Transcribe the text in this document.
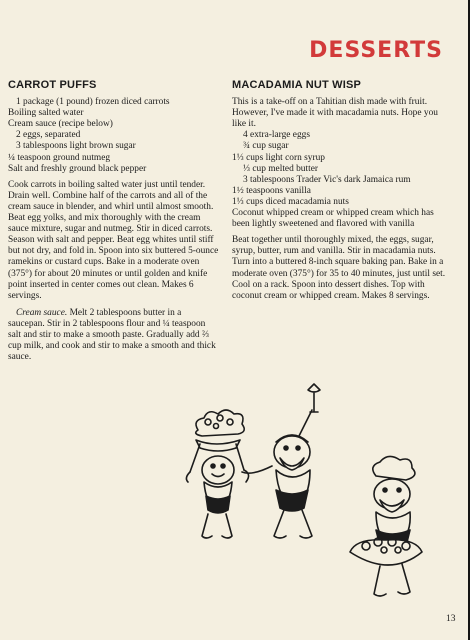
DESSERTS
CARROT PUFFS
1 package (1 pound) frozen diced carrots
Boiling salted water
Cream sauce (recipe below)
2 eggs, separated
3 tablespoons light brown sugar
¼ teaspoon ground nutmeg
Salt and freshly ground black pepper

Cook carrots in boiling salted water just until tender. Drain well. Combine half of the carrots and all of the cream sauce in blender, and whirl until almost smooth. Beat egg yolks, and mix thoroughly with the cream sauce mixture, sugar and nutmeg. Stir in diced carrots. Season with salt and pepper. Beat egg whites until stiff but not dry, and fold in. Spoon into six buttered 5-ounce ramekins or custard cups. Bake in a moderate oven (375°) for about 20 minutes or until golden and knife point inserted in center comes out clean. Makes 6 servings.

Cream sauce. Melt 2 tablespoons butter in a saucepan. Stir in 2 tablespoons flour and ¼ teaspoon salt and stir to make a smooth paste. Gradually add ⅔ cup milk, and cook and stir to make a smooth and thick sauce.

MACADAMIA NUT WISP

This is a take-off on a Tahitian dish made with fruit. However, I've made it with macadamia nuts. Hope you like it.

4 extra-large eggs
¾ cup sugar
1⅓ cups light corn syrup
⅓ cup melted butter
3 tablespoons Trader Vic's dark Jamaica rum
1½ teaspoons vanilla
1⅓ cups diced macadamia nuts
Coconut whipped cream or whipped cream which has been lightly sweetened and flavored with vanilla

Beat together until thoroughly mixed, the eggs, sugar, syrup, butter, rum and vanilla. Stir in macadamia nuts. Turn into a buttered 8-inch square baking pan. Bake in a moderate oven (375°) for 35 to 40 minutes, just until set. Cool on a rack. Spoon into dessert dishes. Top with coconut cream or whipped cream. Makes 8 servings.

13
